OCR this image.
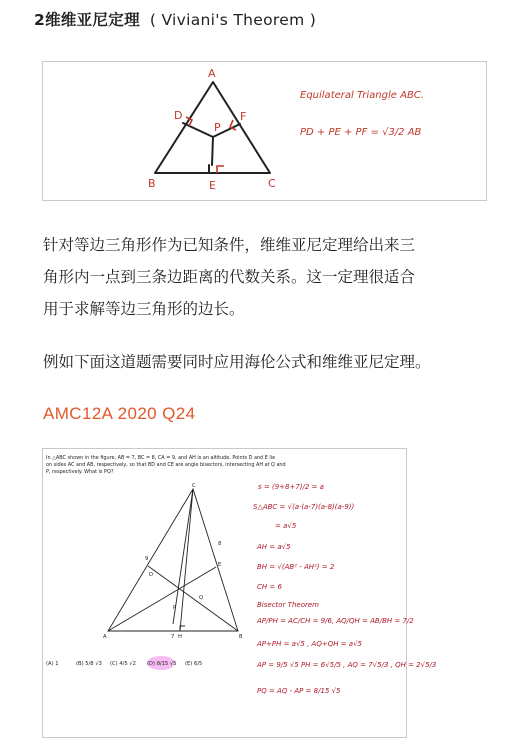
2维维亚尼定理 ( Viviani's Theorem )
A
B	C
D
E
F
P
Equilateral Triangle ABC.
PD + PE + PF = √3/2 AB
针对等边三角形作为已知条件，维维亚尼定理给出来三
角形内一点到三条边距离的代数关系。这一定理很适合
用于求解等边三角形的边长。
例如下面这道题需要同时应用海伦公式和维维亚尼定理。
AMC12A 2020 Q24
In △ABC shown in the figure, AB = 7, BC = 8, CA = 9, and AH is an altitude. Points D and E lie
on sides AC and AB, respectively, so that BD and CE are angle bisectors, intersecting AH at Q and
P, respectively. What is PQ?
C
A	B
H
D
E
P
Q
9
8
7
(A) 1	(B) 5/8 √3 (C) 4/5 √2 (D) 8/15 √5 (E) 6/5
s = (9+8+7)/2 = a
S△ABC = √(a·(a-7)(a-8)(a-9))
= a√5
AH = a√5
BH = √(AB² - AH²) = 2
CH = 6
Bisector Theorem
AP/PH = AC/CH = 9/6, AQ/QH = AB/BH = 7/2
AP+PH = a√5 , AQ+QH = a√5
AP = 9/5 √5 PH = 6√5/5 , AQ = 7√5/3 , QH = 2√5/3
PQ = AQ - AP = 8/15 √5
